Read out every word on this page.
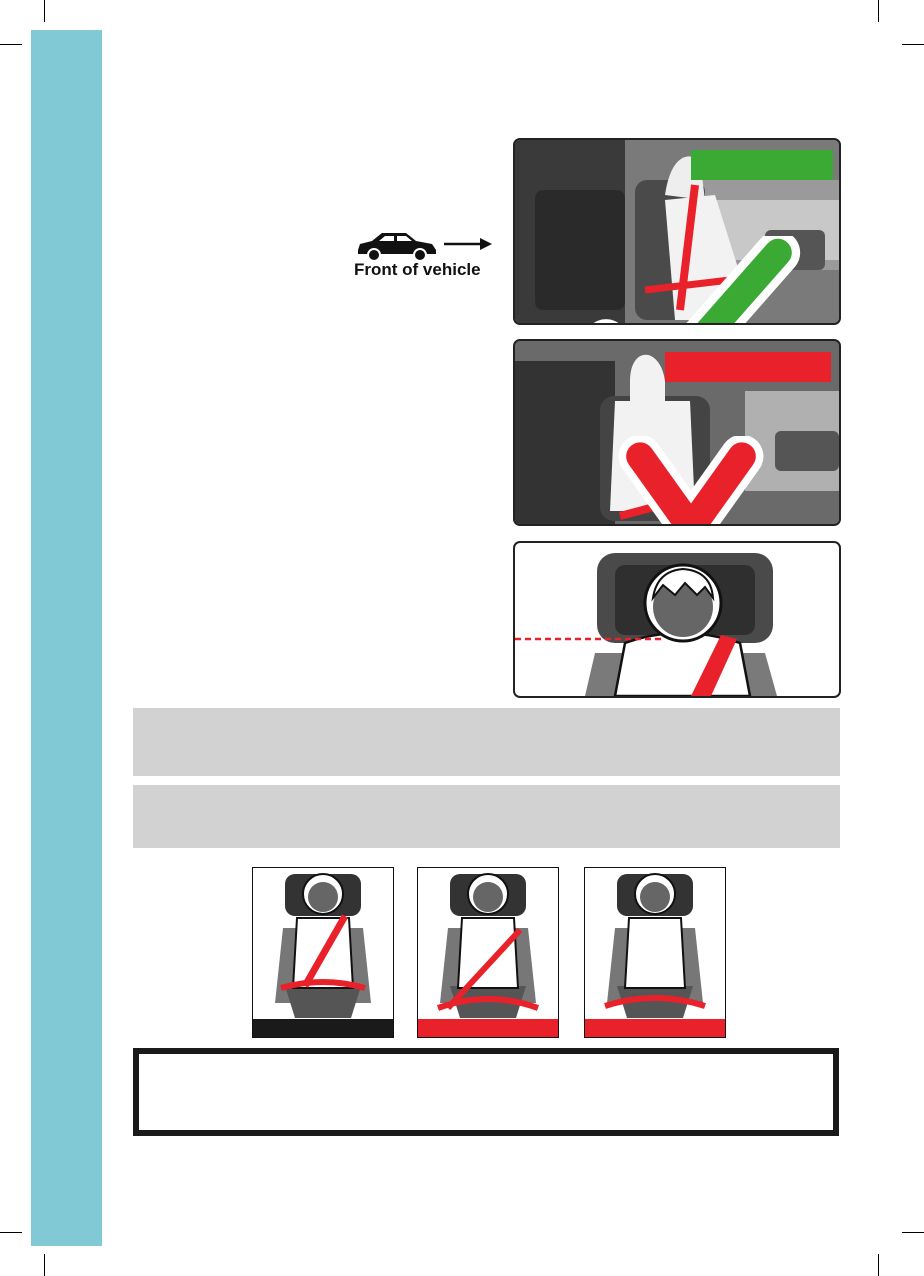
Front of vehicle
